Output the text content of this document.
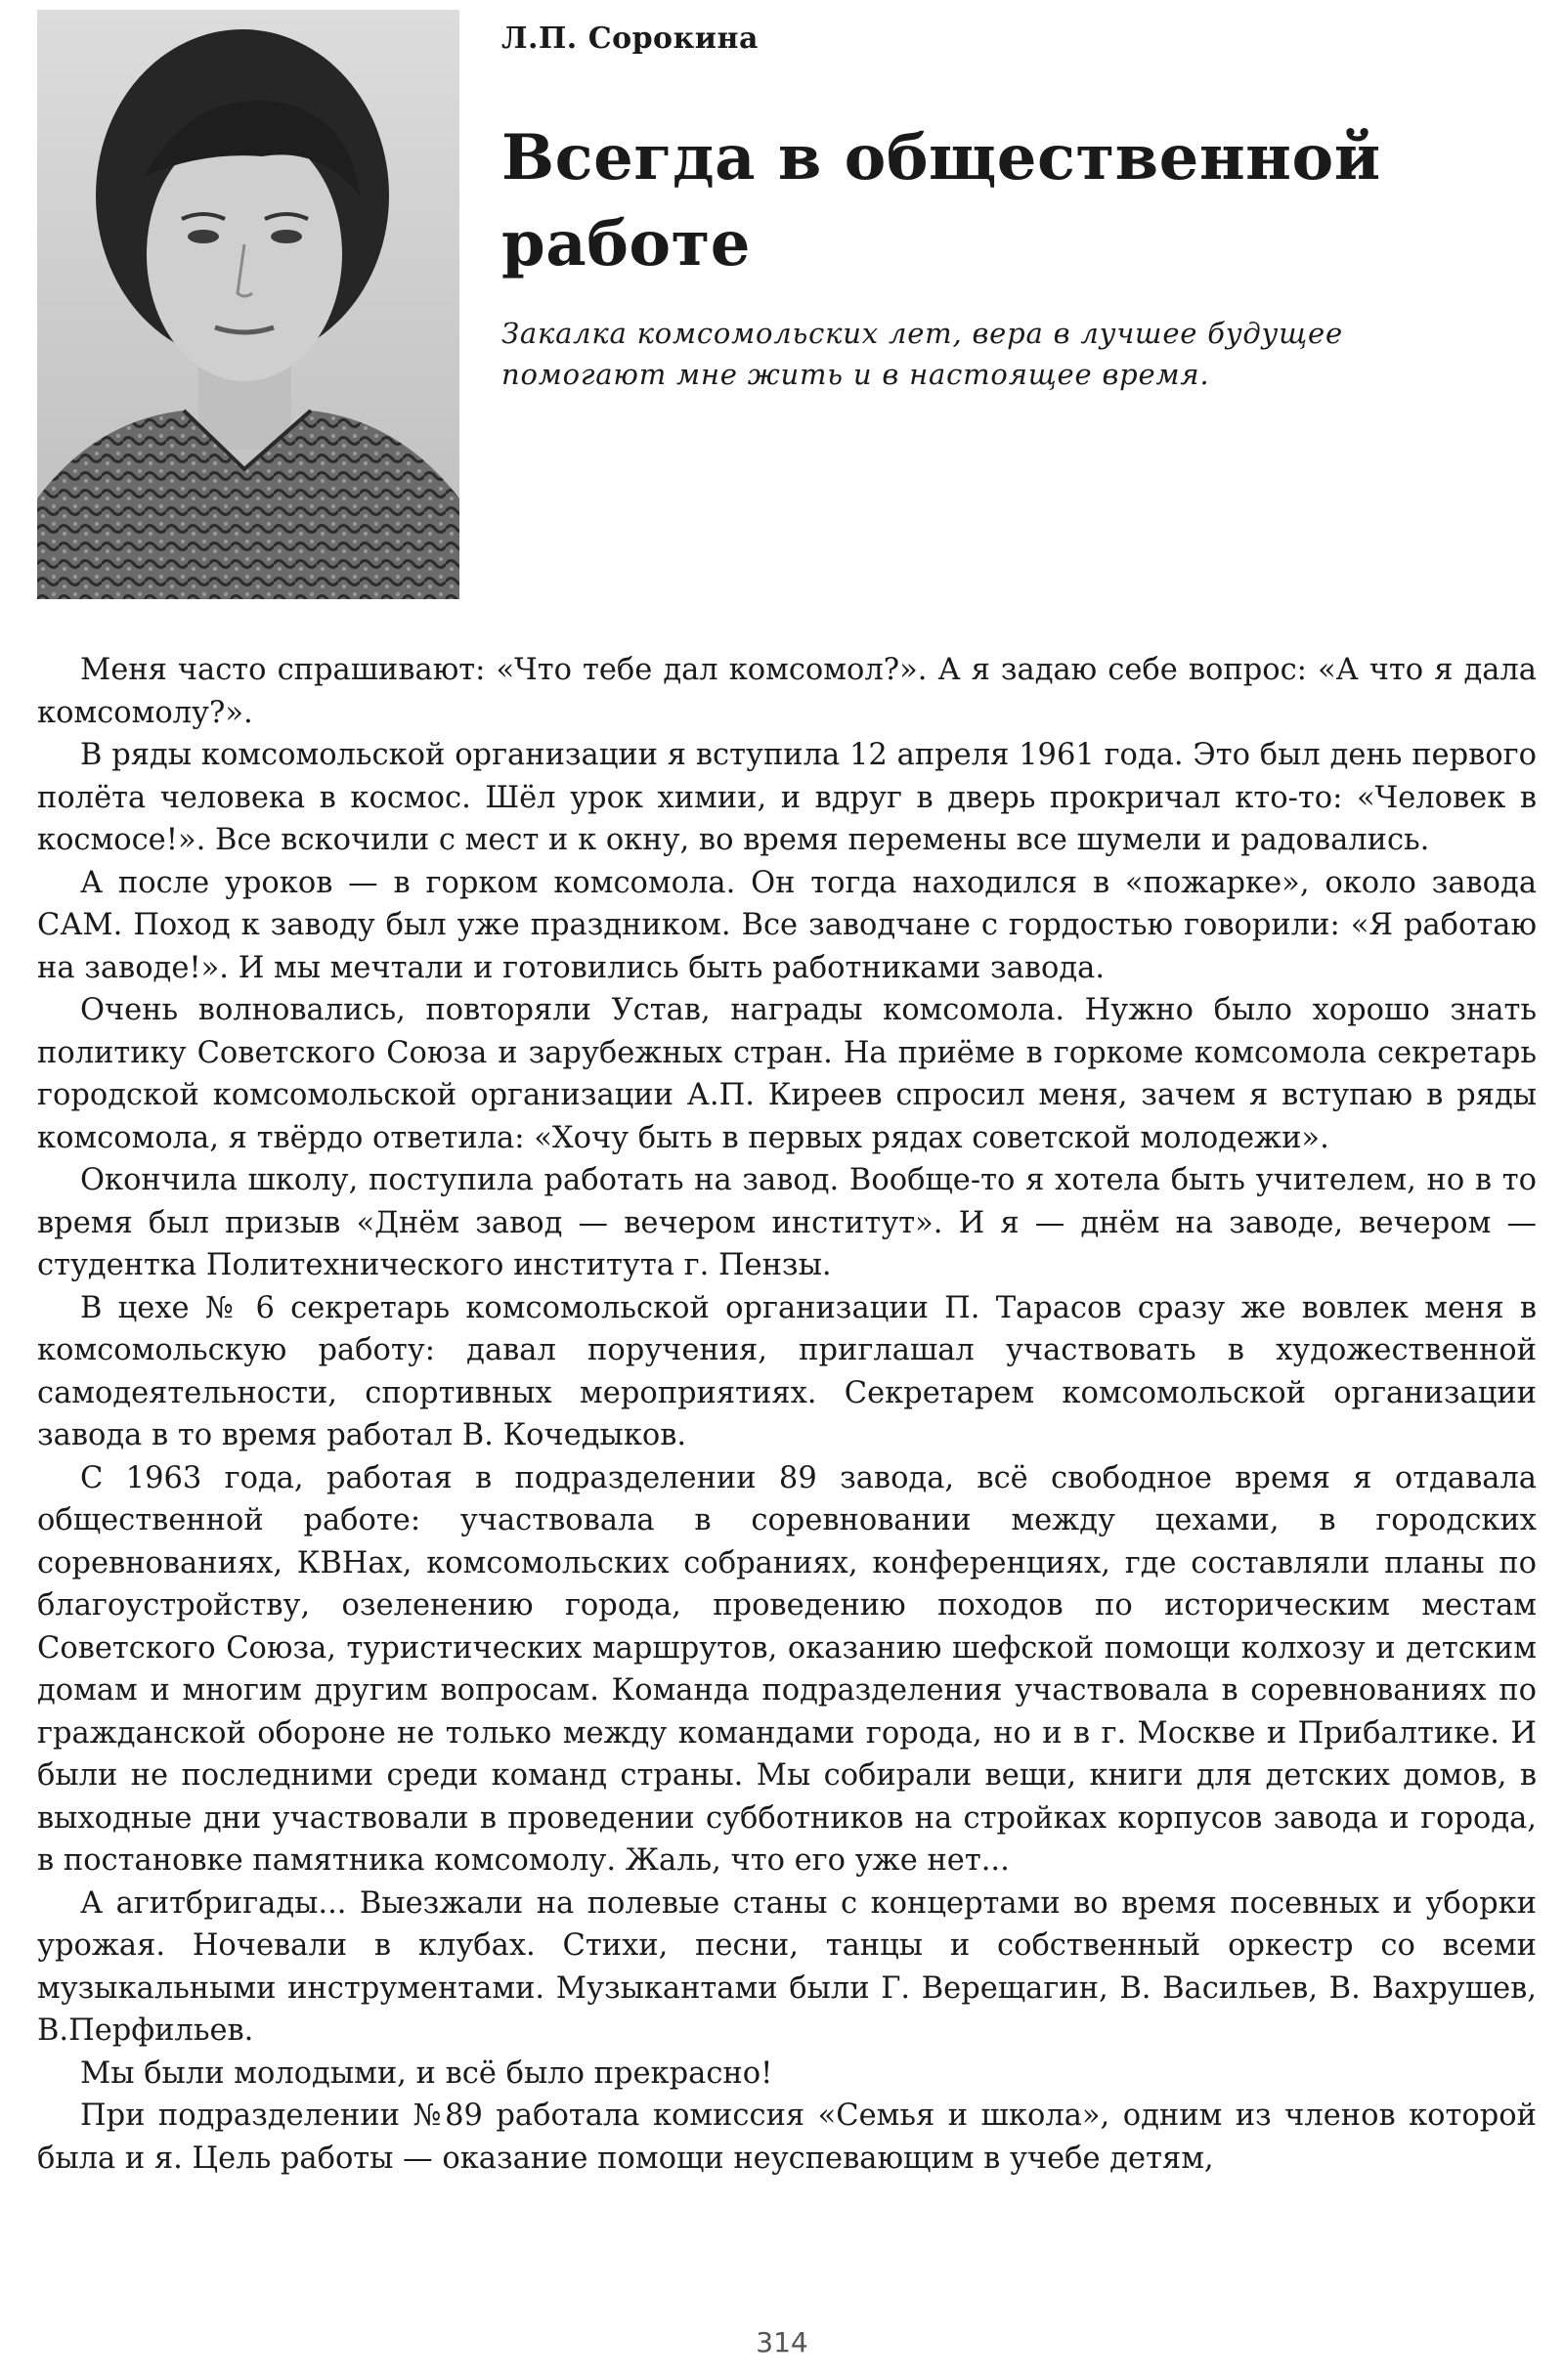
Л.П. Сорокина
Всегда в общественной работе
Закалка комсомольских лет, вера в лучшее будущее помогают мне жить и в настоящее время.

Меня часто спрашивают: «Что тебе дал комсомол?». А я задаю себе вопрос: «А что я дала комсомолу?».

В ряды комсомольской организации я вступила 12 апреля 1961 года. Это был день первого полёта человека в космос. Шёл урок химии, и вдруг в дверь прокричал кто-то: «Человек в космосе!». Все вскочили с мест и к окну, во время перемены все шумели и радовались.

А после уроков — в горком комсомола. Он тогда находился в «пожарке», около завода САМ. Поход к заводу был уже праздником. Все заводчане с гордостью говорили: «Я работаю на заводе!». И мы мечтали и готовились быть работниками завода.

Очень волновались, повторяли Устав, награды комсомола. Нужно было хорошо знать политику Советского Союза и зарубежных стран. На приёме в горкоме комсомола секретарь городской комсомольской организации А.П. Киреев спросил меня, зачем я вступаю в ряды комсомола, я твёрдо ответила: «Хочу быть в первых рядах советской молодежи».

Окончила школу, поступила работать на завод. Вообще-то я хотела быть учителем, но в то время был призыв «Днём завод — вечером институт». И я — днём на заводе, вечером — студентка Политехнического института г. Пензы.

В цехе № 6 секретарь комсомольской организации П. Тарасов сразу же вовлек меня в комсомольскую работу: давал поручения, приглашал участвовать в художественной самодеятельности, спортивных мероприятиях. Секретарем комсомольской организации завода в то время работал В. Кочедыков.

С 1963 года, работая в подразделении 89 завода, всё свободное время я отдавала общественной работе: участвовала в соревновании между цехами, в городских соревнованиях, КВНах, комсомольских собраниях, конференциях, где составляли планы по благоустройству, озеленению города, проведению походов по историческим местам Советского Союза, туристических маршрутов, оказанию шефской помощи колхозу и детским домам и многим другим вопросам. Команда подразделения участвовала в соревнованиях по гражданской обороне не только между командами города, но и в г. Москве и Прибалтике. И были не последними среди команд страны. Мы собирали вещи, книги для детских домов, в выходные дни участвовали в проведении субботников на стройках корпусов завода и города, в постановке памятника комсомолу. Жаль, что его уже нет...

А агитбригады... Выезжали на полевые станы с концертами во время посевных и уборки урожая. Ночевали в клубах. Стихи, песни, танцы и собственный оркестр со всеми музыкальными инструментами. Музыкантами были Г. Верещагин, В. Васильев, В. Вахрушев, В.Перфильев.

Мы были молодыми, и всё было прекрасно!

При подразделении №89 работала комиссия «Семья и школа», одним из членов которой была и я. Цель работы — оказание помощи неуспевающим в учебе детям,

314
